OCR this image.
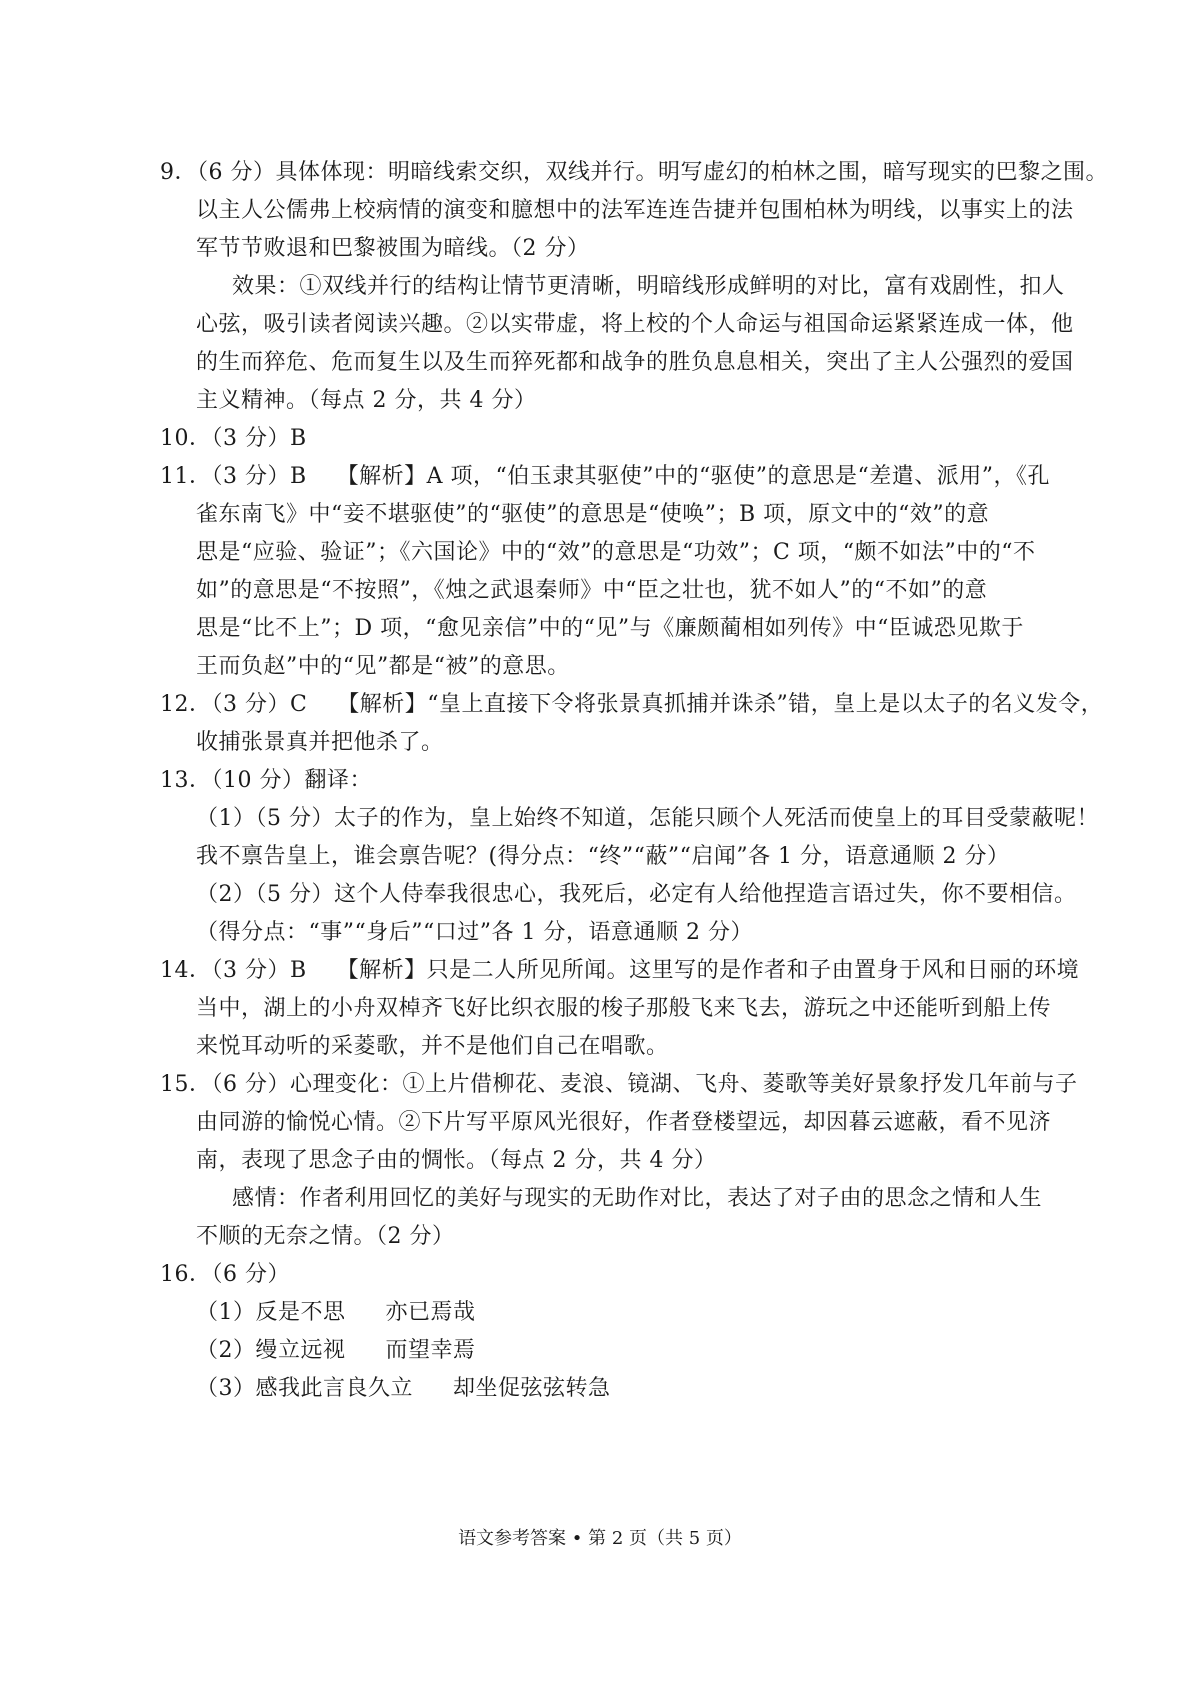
9．（6 分）具体体现：明暗线索交织，双线并行。明写虚幻的柏林之围，暗写现实的巴黎之围。
以主人公儒弗上校病情的演变和臆想中的法军连连告捷并包围柏林为明线，以事实上的法
军节节败退和巴黎被围为暗线。（2 分）
效果：①双线并行的结构让情节更清晰，明暗线形成鲜明的对比，富有戏剧性，扣人
心弦，吸引读者阅读兴趣。②以实带虚，将上校的个人命运与祖国命运紧紧连成一体，他
的生而猝危、危而复生以及生而猝死都和战争的胜负息息相关，突出了主人公强烈的爱国
主义精神。（每点 2 分，共 4 分）
10．（3 分）B
11．（3 分）B　 【解析】A 项，“伯玉隶其驱使”中的“驱使”的意思是“差遣、派用”，《孔
雀东南飞》中“妾不堪驱使”的“驱使”的意思是“使唤”；B 项，原文中的“效”的意
思是“应验、验证”；《六国论》中的“效”的意思是“功效”；C 项，“颇不如法”中的“不
如”的意思是“不按照”，《烛之武退秦师》中“臣之壮也，犹不如人”的“不如”的意
思是“比不上”；D 项，“愈见亲信”中的“见”与《廉颇蔺相如列传》中“臣诚恐见欺于
王而负赵”中的“见”都是“被”的意思。
12．（3 分）C　 【解析】“皇上直接下令将张景真抓捕并诛杀”错，皇上是以太子的名义发令，
收捕张景真并把他杀了。
13．（10 分）翻译：
（1）（5 分）太子的作为，皇上始终不知道，怎能只顾个人死活而使皇上的耳目受蒙蔽呢！
我不禀告皇上，谁会禀告呢？(得分点：“终”“蔽”“启闻”各 1 分，语意通顺 2 分）
（2）（5 分）这个人侍奉我很忠心，我死后，必定有人给他捏造言语过失，你不要相信。
（得分点：“事”“身后”“口过”各 1 分，语意通顺 2 分）
14．（3 分）B　 【解析】只是二人所见所闻。这里写的是作者和子由置身于风和日丽的环境
当中，湖上的小舟双棹齐飞好比织衣服的梭子那般飞来飞去，游玩之中还能听到船上传
来悦耳动听的采菱歌，并不是他们自己在唱歌。
15．（6 分）心理变化：①上片借柳花、麦浪、镜湖、飞舟、菱歌等美好景象抒发几年前与子
由同游的愉悦心情。②下片写平原风光很好，作者登楼望远，却因暮云遮蔽，看不见济
南，表现了思念子由的惆怅。（每点 2 分，共 4 分）
感情：作者利用回忆的美好与现实的无助作对比，表达了对子由的思念之情和人生
不顺的无奈之情。（2 分）
16．（6 分）
（1）反是不思 亦已焉哉
（2）缦立远视 而望幸焉
（3）感我此言良久立 却坐促弦弦转急
语文参考答案 • 第 2 页（共 5 页）
